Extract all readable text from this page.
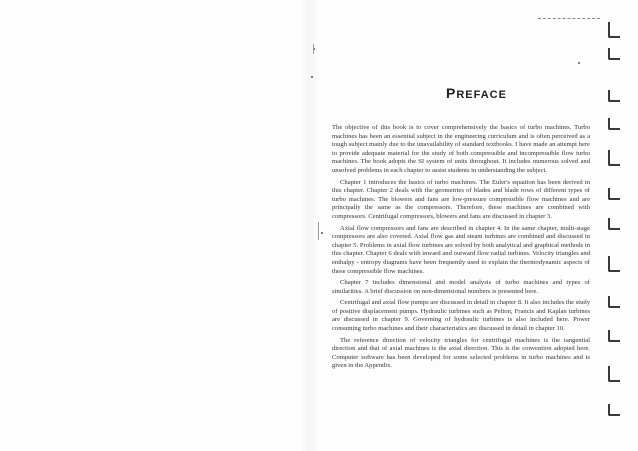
PREFACE

The objective of this book is to cover comprehensively the basics of turbo machines. Turbo machines has been an essential subject in the engineering curriculum and is often perceived as a tough subject mainly due to the unavailability of standard textbooks. I have made an attempt here to provide adequate material for the study of both compressible and incompressible flow turbo machines. The book adopts the SI system of units throughout. It includes numerous solved and unsolved problems in each chapter to assist students in understanding the subject.

Chapter 1 introduces the basics of turbo machines. The Euler's equation has been derived in this chapter. Chapter 2 deals with the geometries of blades and blade rows of different types of turbo machines. The blowers and fans are low-pressure compressible flow machines and are principally the same as the compressors. Therefore, these machines are combined with compressors. Centrifugal compressors, blowers and fans are discussed in chapter 3.

Axial flow compressors and fans are described in chapter 4. In the same chapter, multi-stage compressors are also covered. Axial flow gas and steam turbines are combined and discussed in chapter 5. Problems in axial flow turbines are solved by both analytical and graphical methods in this chapter. Chapter 6 deals with inward and outward flow radial turbines. Velocity triangles and enthalpy - entropy diagrams have been frequently used to explain the thermodynamic aspects of these compressible flow machines.

Chapter 7 includes dimensional and model analysis of turbo machines and types of similarities. A brief discussion on non-dimensional numbers is presented here.

Centrifugal and axial flow pumps are discussed in detail in chapter 8. It also includes the study of positive displacement pumps. Hydraulic turbines such as Pelton, Francis and Kaplan turbines are discussed in chapter 9. Governing of hydraulic turbines is also included here. Power consuming turbo machines and their characteristics are discussed in detail in chapter 10.

The reference direction of velocity triangles for centrifugal machines is the tangential direction and that of axial machines is the axial direction. This is the convention adopted here. Computer software has been developed for some selected problems in turbo machines and is given in the Appendix.
